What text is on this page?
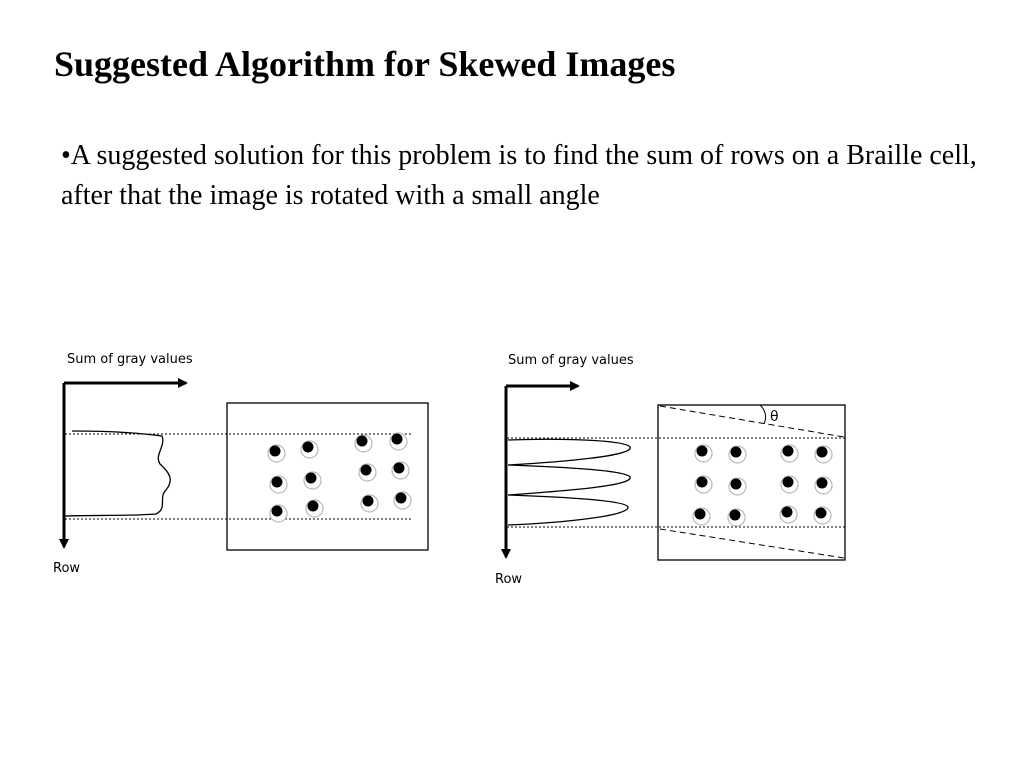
Suggested Algorithm for Skewed Images

•A suggested solution for this problem is to find the sum of rows on a Braille cell, after that the image is rotated with a small angle

Sum of gray values
Row
Sum of gray values
Row
θ
